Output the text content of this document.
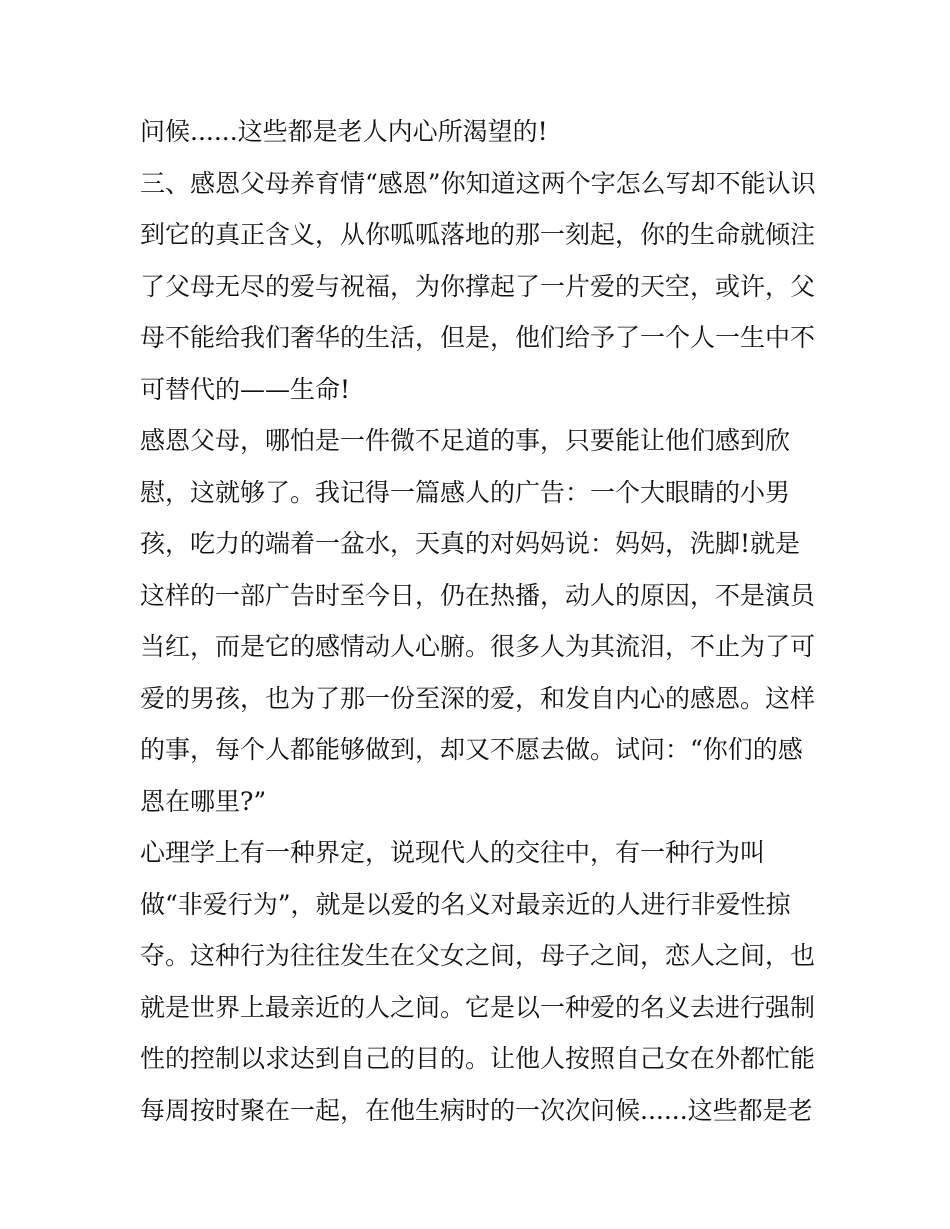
问候......这些都是老人内心所渴望的!
三、感恩父母养育情“感恩”你知道这两个字怎么写却不能认识
到它的真正含义，从你呱呱落地的那一刻起，你的生命就倾注
了父母无尽的爱与祝福，为你撑起了一片爱的天空，或许，父
母不能给我们奢华的生活，但是，他们给予了一个人一生中不
可替代的——生命!
感恩父母，哪怕是一件微不足道的事，只要能让他们感到欣
慰，这就够了。我记得一篇感人的广告：一个大眼睛的小男
孩，吃力的端着一盆水，天真的对妈妈说：妈妈，洗脚!就是
这样的一部广告时至今日，仍在热播，动人的原因，不是演员
当红，而是它的感情动人心腑。很多人为其流泪，不止为了可
爱的男孩，也为了那一份至深的爱，和发自内心的感恩。这样
的事，每个人都能够做到，却又不愿去做。试问：“你们的感
恩在哪里?”
心理学上有一种界定，说现代人的交往中，有一种行为叫
做“非爱行为”，就是以爱的名义对最亲近的人进行非爱性掠
夺。这种行为往往发生在父女之间，母子之间，恋人之间，也
就是世界上最亲近的人之间。它是以一种爱的名义去进行强制
性的控制以求达到自己的目的。让他人按照自己女在外都忙能
每周按时聚在一起，在他生病时的一次次问候......这些都是老
